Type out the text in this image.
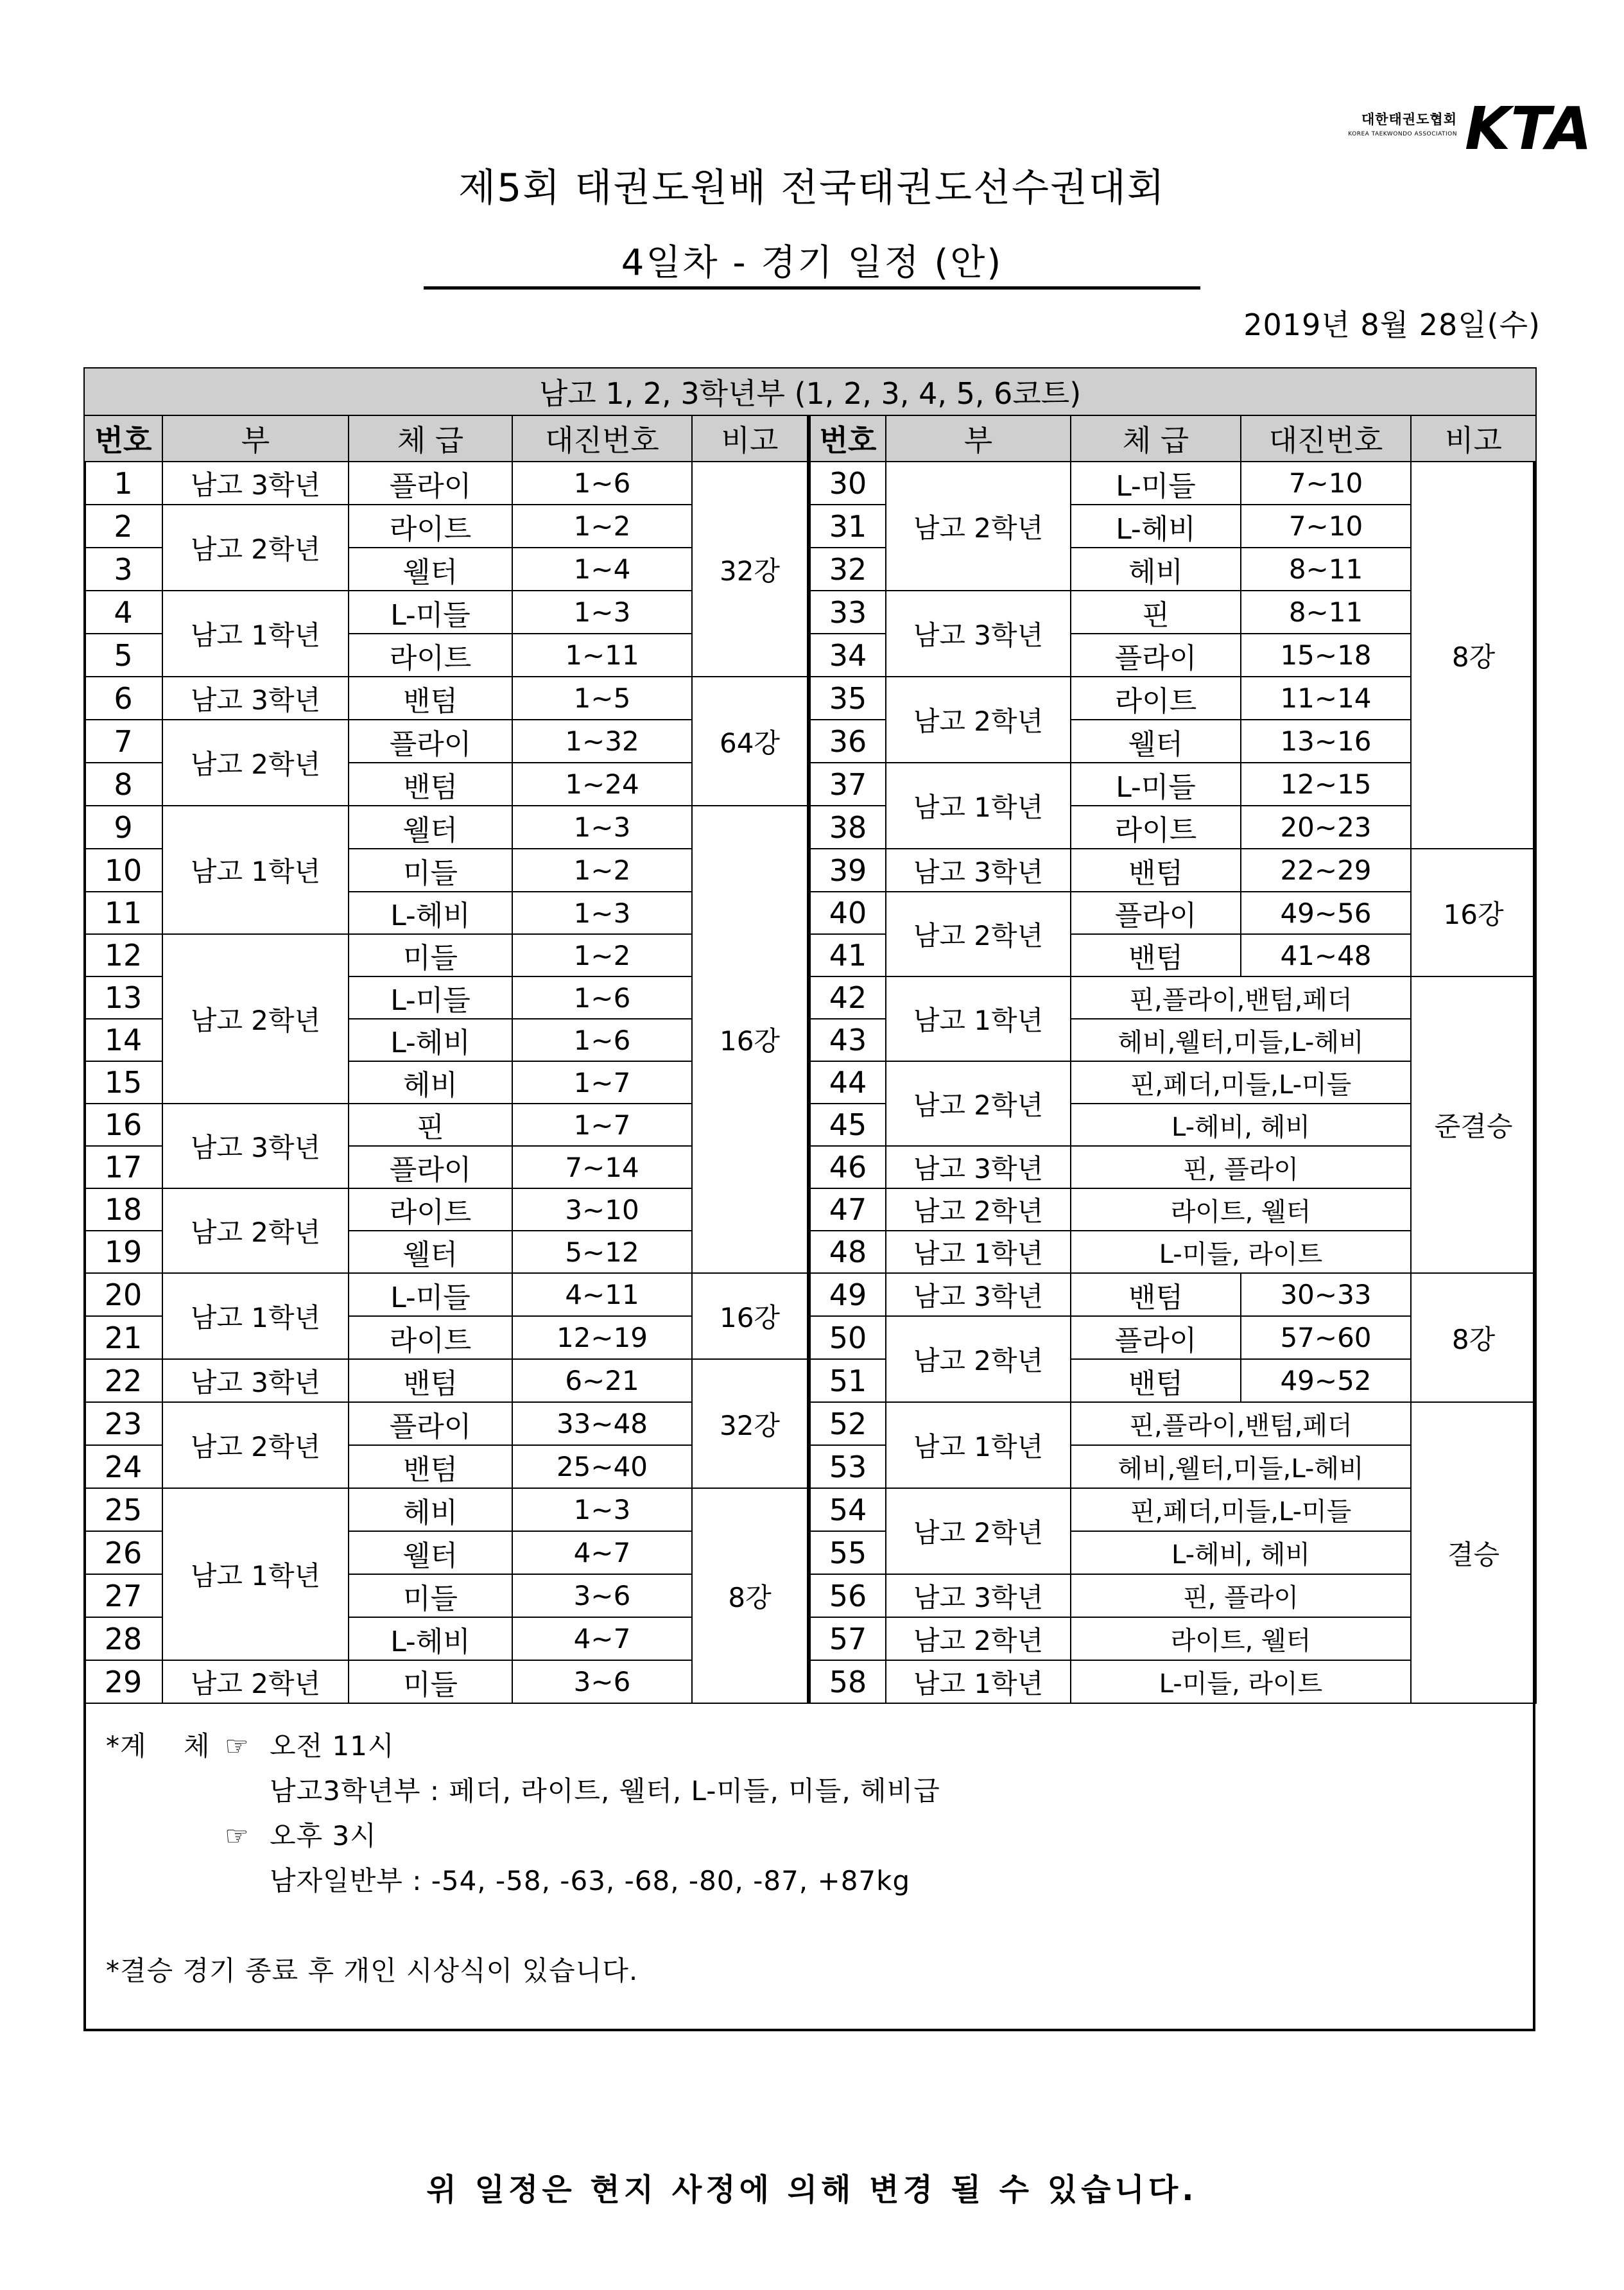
대한태권도협회
KOREA TAEKWONDO ASSOCIATION KTA
제5회 태권도원배 전국태권도선수권대회
4일차 - 경기 일정 (안)
2019년 8월 28일(수)
남고 1, 2, 3학년부 (1, 2, 3, 4, 5, 6코트)									
번호	부	체 급	대진번호	비고	번호	부	체 급	대진번호	비고
1	남고 3학년	플라이	1~6	32강	30	남고 2학년	L-미들	7~10	8강
2	남고 2학년	라이트	1~2		31		L-헤비	7~10	
3		웰터	1~4		32		헤비	8~11	
4	남고 1학년	L-미들	1~3		33	남고 3학년	핀	8~11	
5		라이트	1~11		34		플라이	15~18	
6	남고 3학년	밴텀	1~5	64강	35	남고 2학년	라이트	11~14	
7	남고 2학년	플라이	1~32		36		웰터	13~16	
8		밴텀	1~24		37	남고 1학년	L-미들	12~15	
9	남고 1학년	웰터	1~3	16강	38		라이트	20~23	
10		미들	1~2		39	남고 3학년	밴텀	22~29	16강
11		L-헤비	1~3		40	남고 2학년	플라이	49~56	
12	남고 2학년	미들	1~2		41		밴텀	41~48	
13		L-미들	1~6		42	남고 1학년	핀,플라이,밴텀,페더		준결승
14		L-헤비	1~6		43		헤비,웰터,미들,L-헤비		
15		헤비	1~7		44	남고 2학년	핀,페더,미들,L-미들		
16	남고 3학년	핀	1~7		45		L-헤비, 헤비		
17		플라이	7~14		46	남고 3학년	핀, 플라이		
18	남고 2학년	라이트	3~10		47	남고 2학년	라이트, 웰터		
19		웰터	5~12		48	남고 1학년	L-미들, 라이트		
20	남고 1학년	L-미들	4~11	16강	49	남고 3학년	밴텀	30~33	8강
21		라이트	12~19		50	남고 2학년	플라이	57~60	
22	남고 3학년	밴텀	6~21	32강	51		밴텀	49~52	
23	남고 2학년	플라이	33~48		52	남고 1학년	핀,플라이,밴텀,페더		결승
24		밴텀	25~40		53		헤비,웰터,미들,L-헤비		
25	남고 1학년	헤비	1~3	8강	54	남고 2학년	핀,페더,미들,L-미들		
26		웰터	4~7		55		L-헤비, 헤비		
27		미들	3~6		56	남고 3학년	핀, 플라이		
28		L-헤비	4~7		57	남고 2학년	라이트, 웰터		
29	남고 2학년	미들	3~6		58	남고 1학년	L-미들, 라이트		
*계    체 ☞ 오전 11시
남고3학년부 : 페더, 라이트, 웰터, L-미들, 미들, 헤비급
☞ 오후 3시
남자일반부 : -54, -58, -63, -68, -80, -87, +87kg
*결승 경기 종료 후 개인 시상식이 있습니다.
위 일정은 현지 사정에 의해 변경 될 수 있습니다.
